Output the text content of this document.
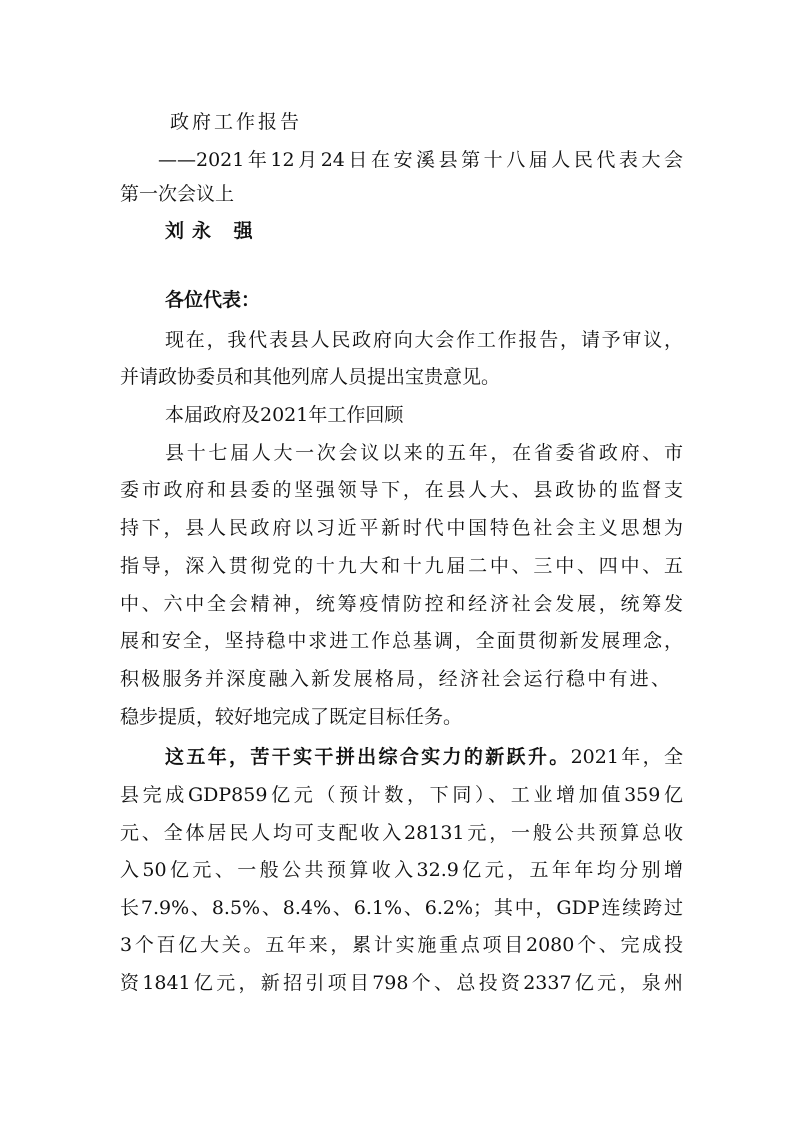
政府工作报告
——2021年12月24日在安溪县第十八届人民代表大会
第一次会议上
刘永 强
各位代表：
现在，我代表县人民政府向大会作工作报告，请予审议，
并请政协委员和其他列席人员提出宝贵意见。
本届政府及2021年工作回顾
县十七届人大一次会议以来的五年，在省委省政府、市
委市政府和县委的坚强领导下，在县人大、县政协的监督支
持下，县人民政府以习近平新时代中国特色社会主义思想为
指导，深入贯彻党的十九大和十九届二中、三中、四中、五
中、六中全会精神，统筹疫情防控和经济社会发展，统筹发
展和安全，坚持稳中求进工作总基调，全面贯彻新发展理念，
积极服务并深度融入新发展格局，经济社会运行稳中有进、
稳步提质，较好地完成了既定目标任务。
这五年，苦干实干拼出综合实力的新跃升。2021年，全
县完成GDP859亿元（预计数，下同）、工业增加值359亿
元、全体居民人均可支配收入28131元，一般公共预算总收
入50亿元、一般公共预算收入32.9亿元，五年年均分别增
长7.9%、8.5%、8.4%、6.1%、6.2%；其中，GDP连续跨过
3个百亿大关。五年来，累计实施重点项目2080个、完成投
资1841亿元，新招引项目798个、总投资2337亿元，泉州
